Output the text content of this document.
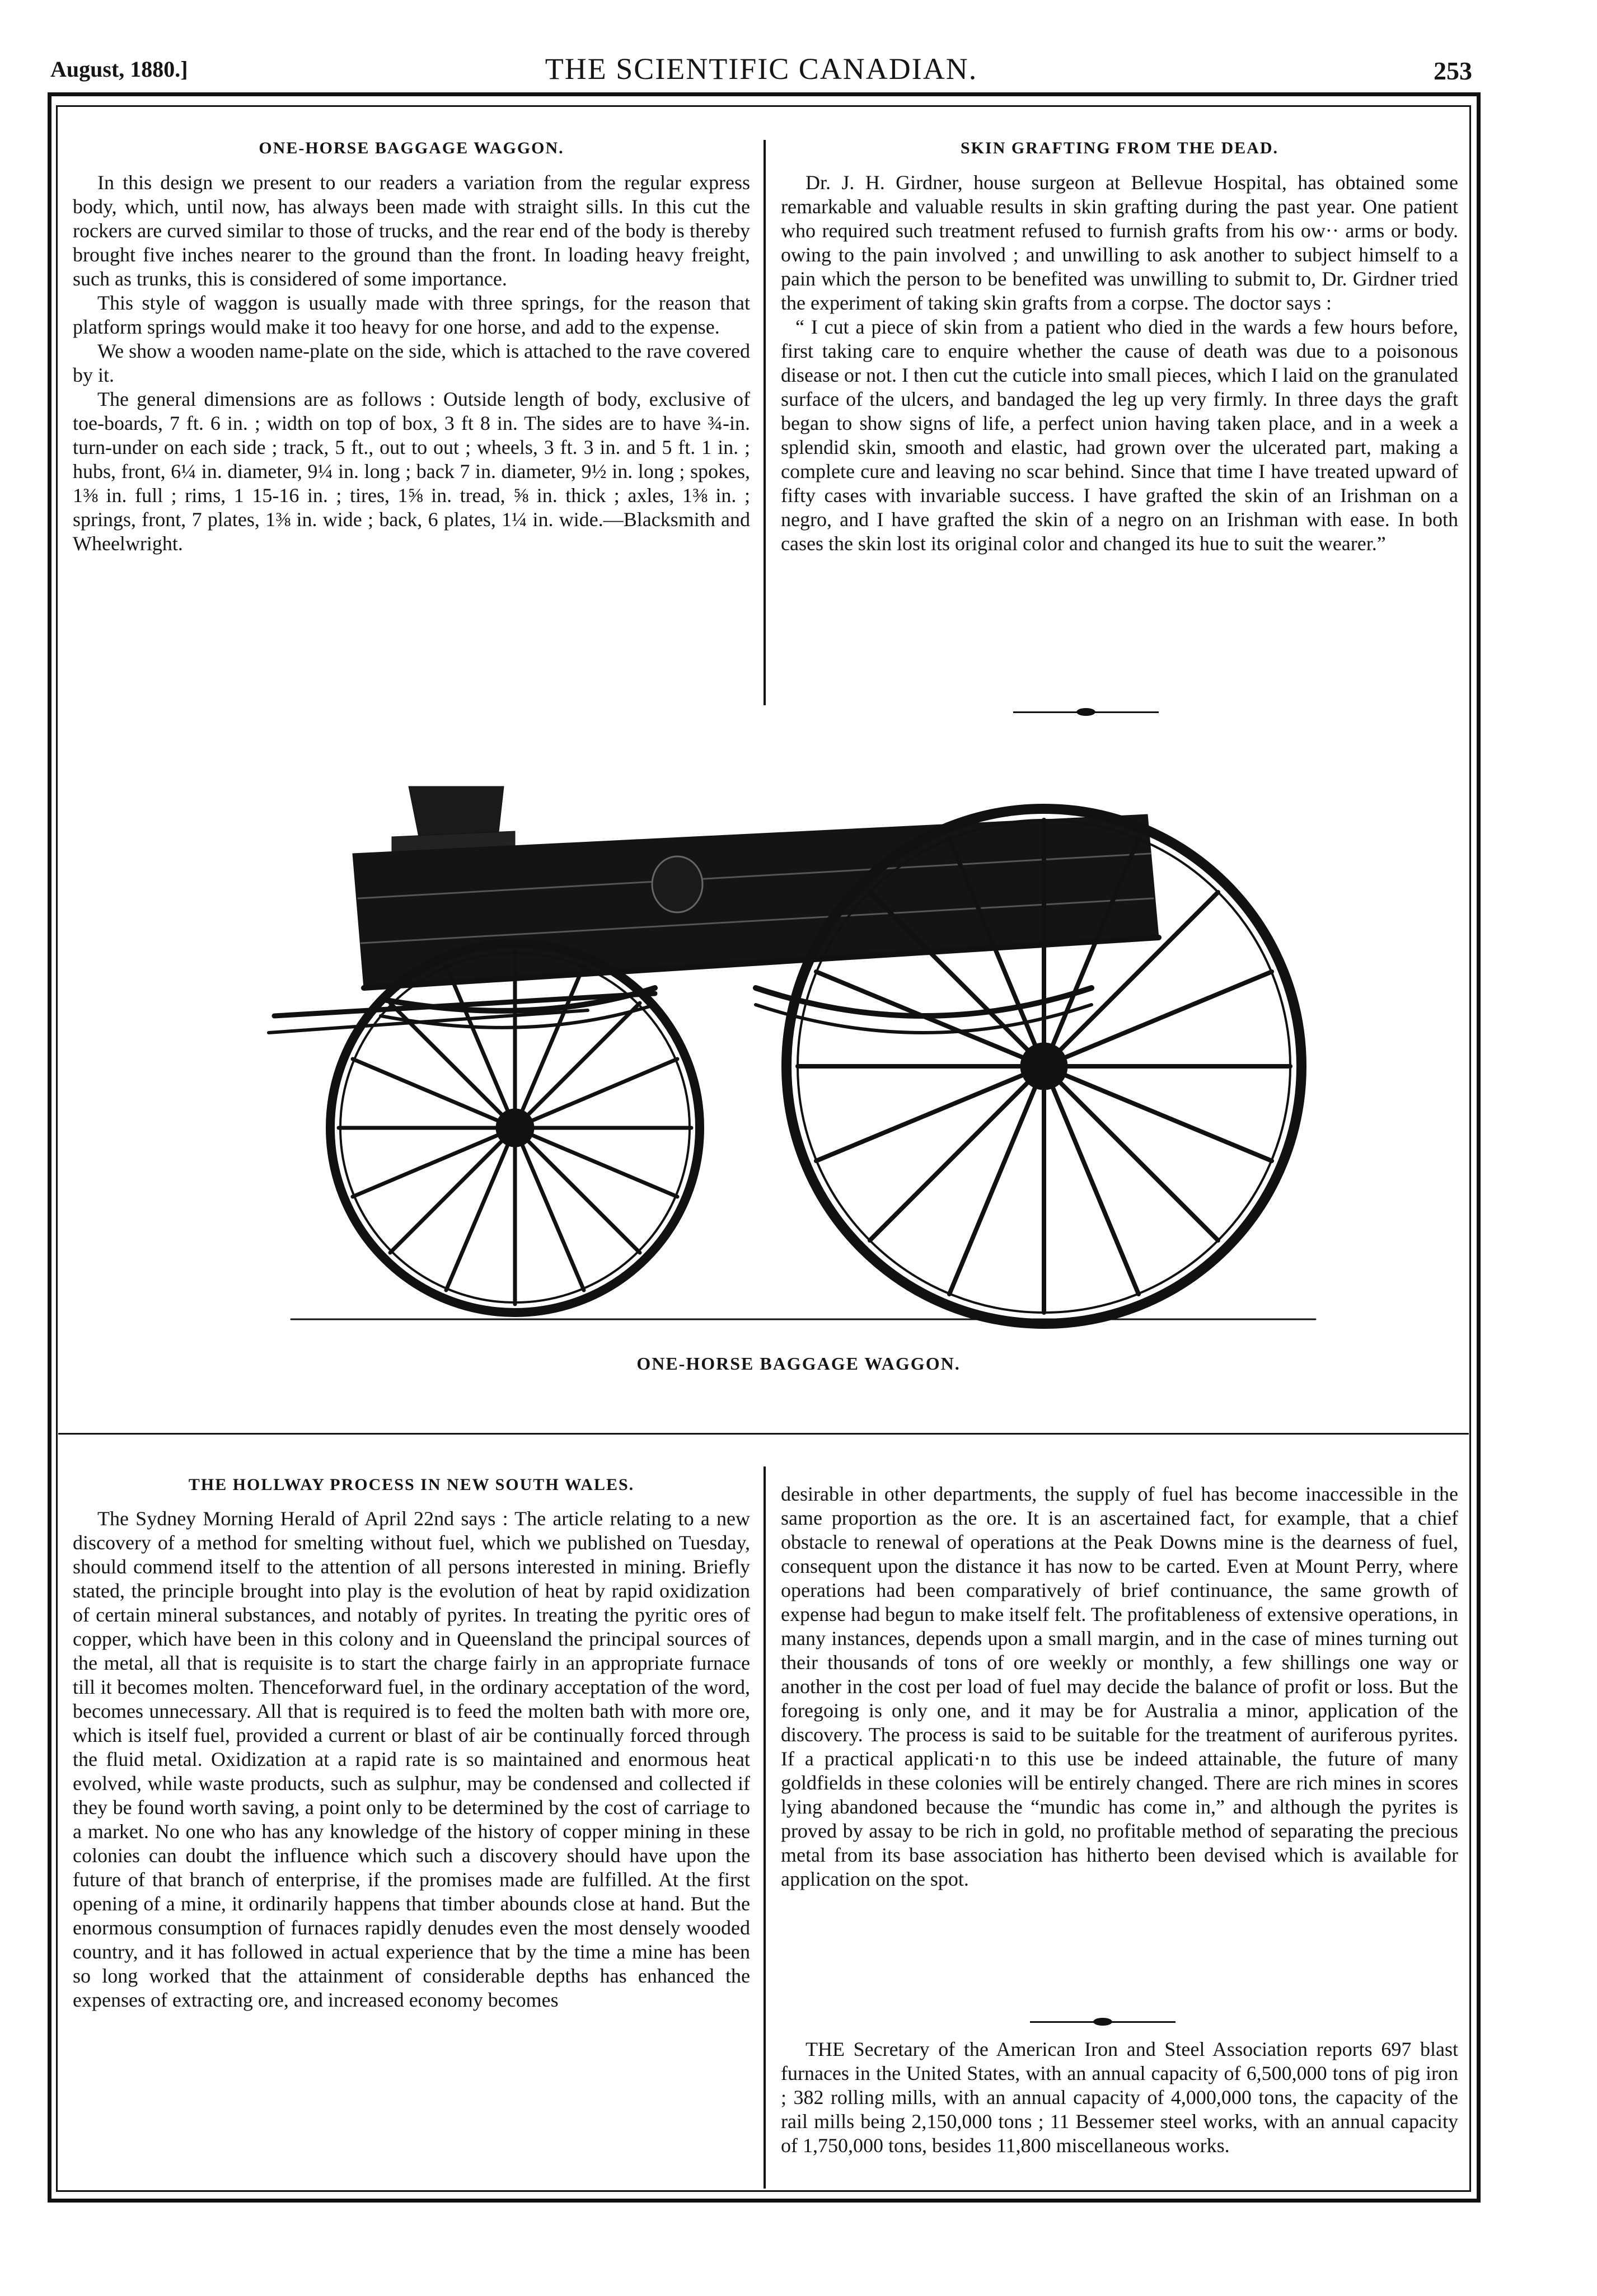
August, 1880.]	THE SCIENTIFIC CANADIAN.	253
ONE-HORSE BAGGAGE WAGGON.

In this design we present to our readers a variation from the regular express body, which, until now, has always been made with straight sills. In this cut the rockers are curved similar to those of trucks, and the rear end of the body is thereby brought five inches nearer to the ground than the front. In loading heavy freight, such as trunks, this is considered of some importance.

This style of waggon is usually made with three springs, for the reason that platform springs would make it too heavy for one horse, and add to the expense.

We show a wooden name-plate on the side, which is attached to the rave covered by it.

The general dimensions are as follows : Outside length of body, exclusive of toe-boards, 7 ft. 6 in. ; width on top of box, 3 ft 8 in. The sides are to have ¾-in. turn-under on each side ; track, 5 ft., out to out ; wheels, 3 ft. 3 in. and 5 ft. 1 in. ; hubs, front, 6¼ in. diameter, 9¼ in. long ; back 7 in. diameter, 9½ in. long ; spokes, 1⅜ in. full ; rims, 1 15-16 in. ; tires, 1⅝ in. tread, ⅝ in. thick ; axles, 1⅜ in. ; springs, front, 7 plates, 1⅜ in. wide ; back, 6 plates, 1¼ in. wide.—Blacksmith and Wheelwright.

SKIN GRAFTING FROM THE DEAD.

Dr. J. H. Girdner, house surgeon at Bellevue Hospital, has obtained some remarkable and valuable results in skin grafting during the past year. One patient who required such treatment refused to furnish grafts from his ow·· arms or body. owing to the pain involved ; and unwilling to ask another to subject himself to a pain which the person to be benefited was unwilling to submit to, Dr. Girdner tried the experiment of taking skin grafts from a corpse. The doctor says :

“ I cut a piece of skin from a patient who died in the wards a few hours before, first taking care to enquire whether the cause of death was due to a poisonous disease or not. I then cut the cuticle into small pieces, which I laid on the granulated surface of the ulcers, and bandaged the leg up very firmly. In three days the graft began to show signs of life, a perfect union having taken place, and in a week a splendid skin, smooth and elastic, had grown over the ulcerated part, making a complete cure and leaving no scar behind. Since that time I have treated upward of fifty cases with invariable success. I have grafted the skin of an Irishman on a negro, and I have grafted the skin of a negro on an Irishman with ease. In both cases the skin lost its original color and changed its hue to suit the wearer.”

ONE-HORSE BAGGAGE WAGGON.
THE HOLLWAY PROCESS IN NEW SOUTH WALES.

The Sydney Morning Herald of April 22nd says : The article relating to a new discovery of a method for smelting without fuel, which we published on Tuesday, should commend itself to the attention of all persons interested in mining. Briefly stated, the principle brought into play is the evolution of heat by rapid oxidization of certain mineral substances, and notably of pyrites. In treating the pyritic ores of copper, which have been in this colony and in Queensland the principal sources of the metal, all that is requisite is to start the charge fairly in an appropriate furnace till it becomes molten. Thenceforward fuel, in the ordinary acceptation of the word, becomes unnecessary. All that is required is to feed the molten bath with more ore, which is itself fuel, provided a current or blast of air be continually forced through the fluid metal. Oxidization at a rapid rate is so maintained and enormous heat evolved, while waste products, such as sulphur, may be condensed and collected if they be found worth saving, a point only to be determined by the cost of carriage to a market. No one who has any knowledge of the history of copper mining in these colonies can doubt the influence which such a discovery should have upon the future of that branch of enterprise, if the promises made are fulfilled. At the first opening of a mine, it ordinarily happens that timber abounds close at hand. But the enormous consumption of furnaces rapidly denudes even the most densely wooded country, and it has followed in actual experience that by the time a mine has been so long worked that the attainment of considerable depths has enhanced the expenses of extracting ore, and increased economy becomes

desirable in other departments, the supply of fuel has become inaccessible in the same proportion as the ore. It is an ascertained fact, for example, that a chief obstacle to renewal of operations at the Peak Downs mine is the dearness of fuel, consequent upon the distance it has now to be carted. Even at Mount Perry, where operations had been comparatively of brief continuance, the same growth of expense had begun to make itself felt. The profitableness of extensive operations, in many instances, depends upon a small margin, and in the case of mines turning out their thousands of tons of ore weekly or monthly, a few shillings one way or another in the cost per load of fuel may decide the balance of profit or loss. But the foregoing is only one, and it may be for Australia a minor, application of the discovery. The process is said to be suitable for the treatment of auriferous pyrites. If a practical applicati·n to this use be indeed attainable, the future of many goldfields in these colonies will be entirely changed. There are rich mines in scores lying abandoned because the “mundic has come in,” and although the pyrites is proved by assay to be rich in gold, no profitable method of separating the precious metal from its base association has hitherto been devised which is available for application on the spot.

THE Secretary of the American Iron and Steel Association reports 697 blast furnaces in the United States, with an annual capacity of 6,500,000 tons of pig iron ; 382 rolling mills, with an annual capacity of 4,000,000 tons, the capacity of the rail mills being 2,150,000 tons ; 11 Bessemer steel works, with an annual capacity of 1,750,000 tons, besides 11,800 miscellaneous works.
